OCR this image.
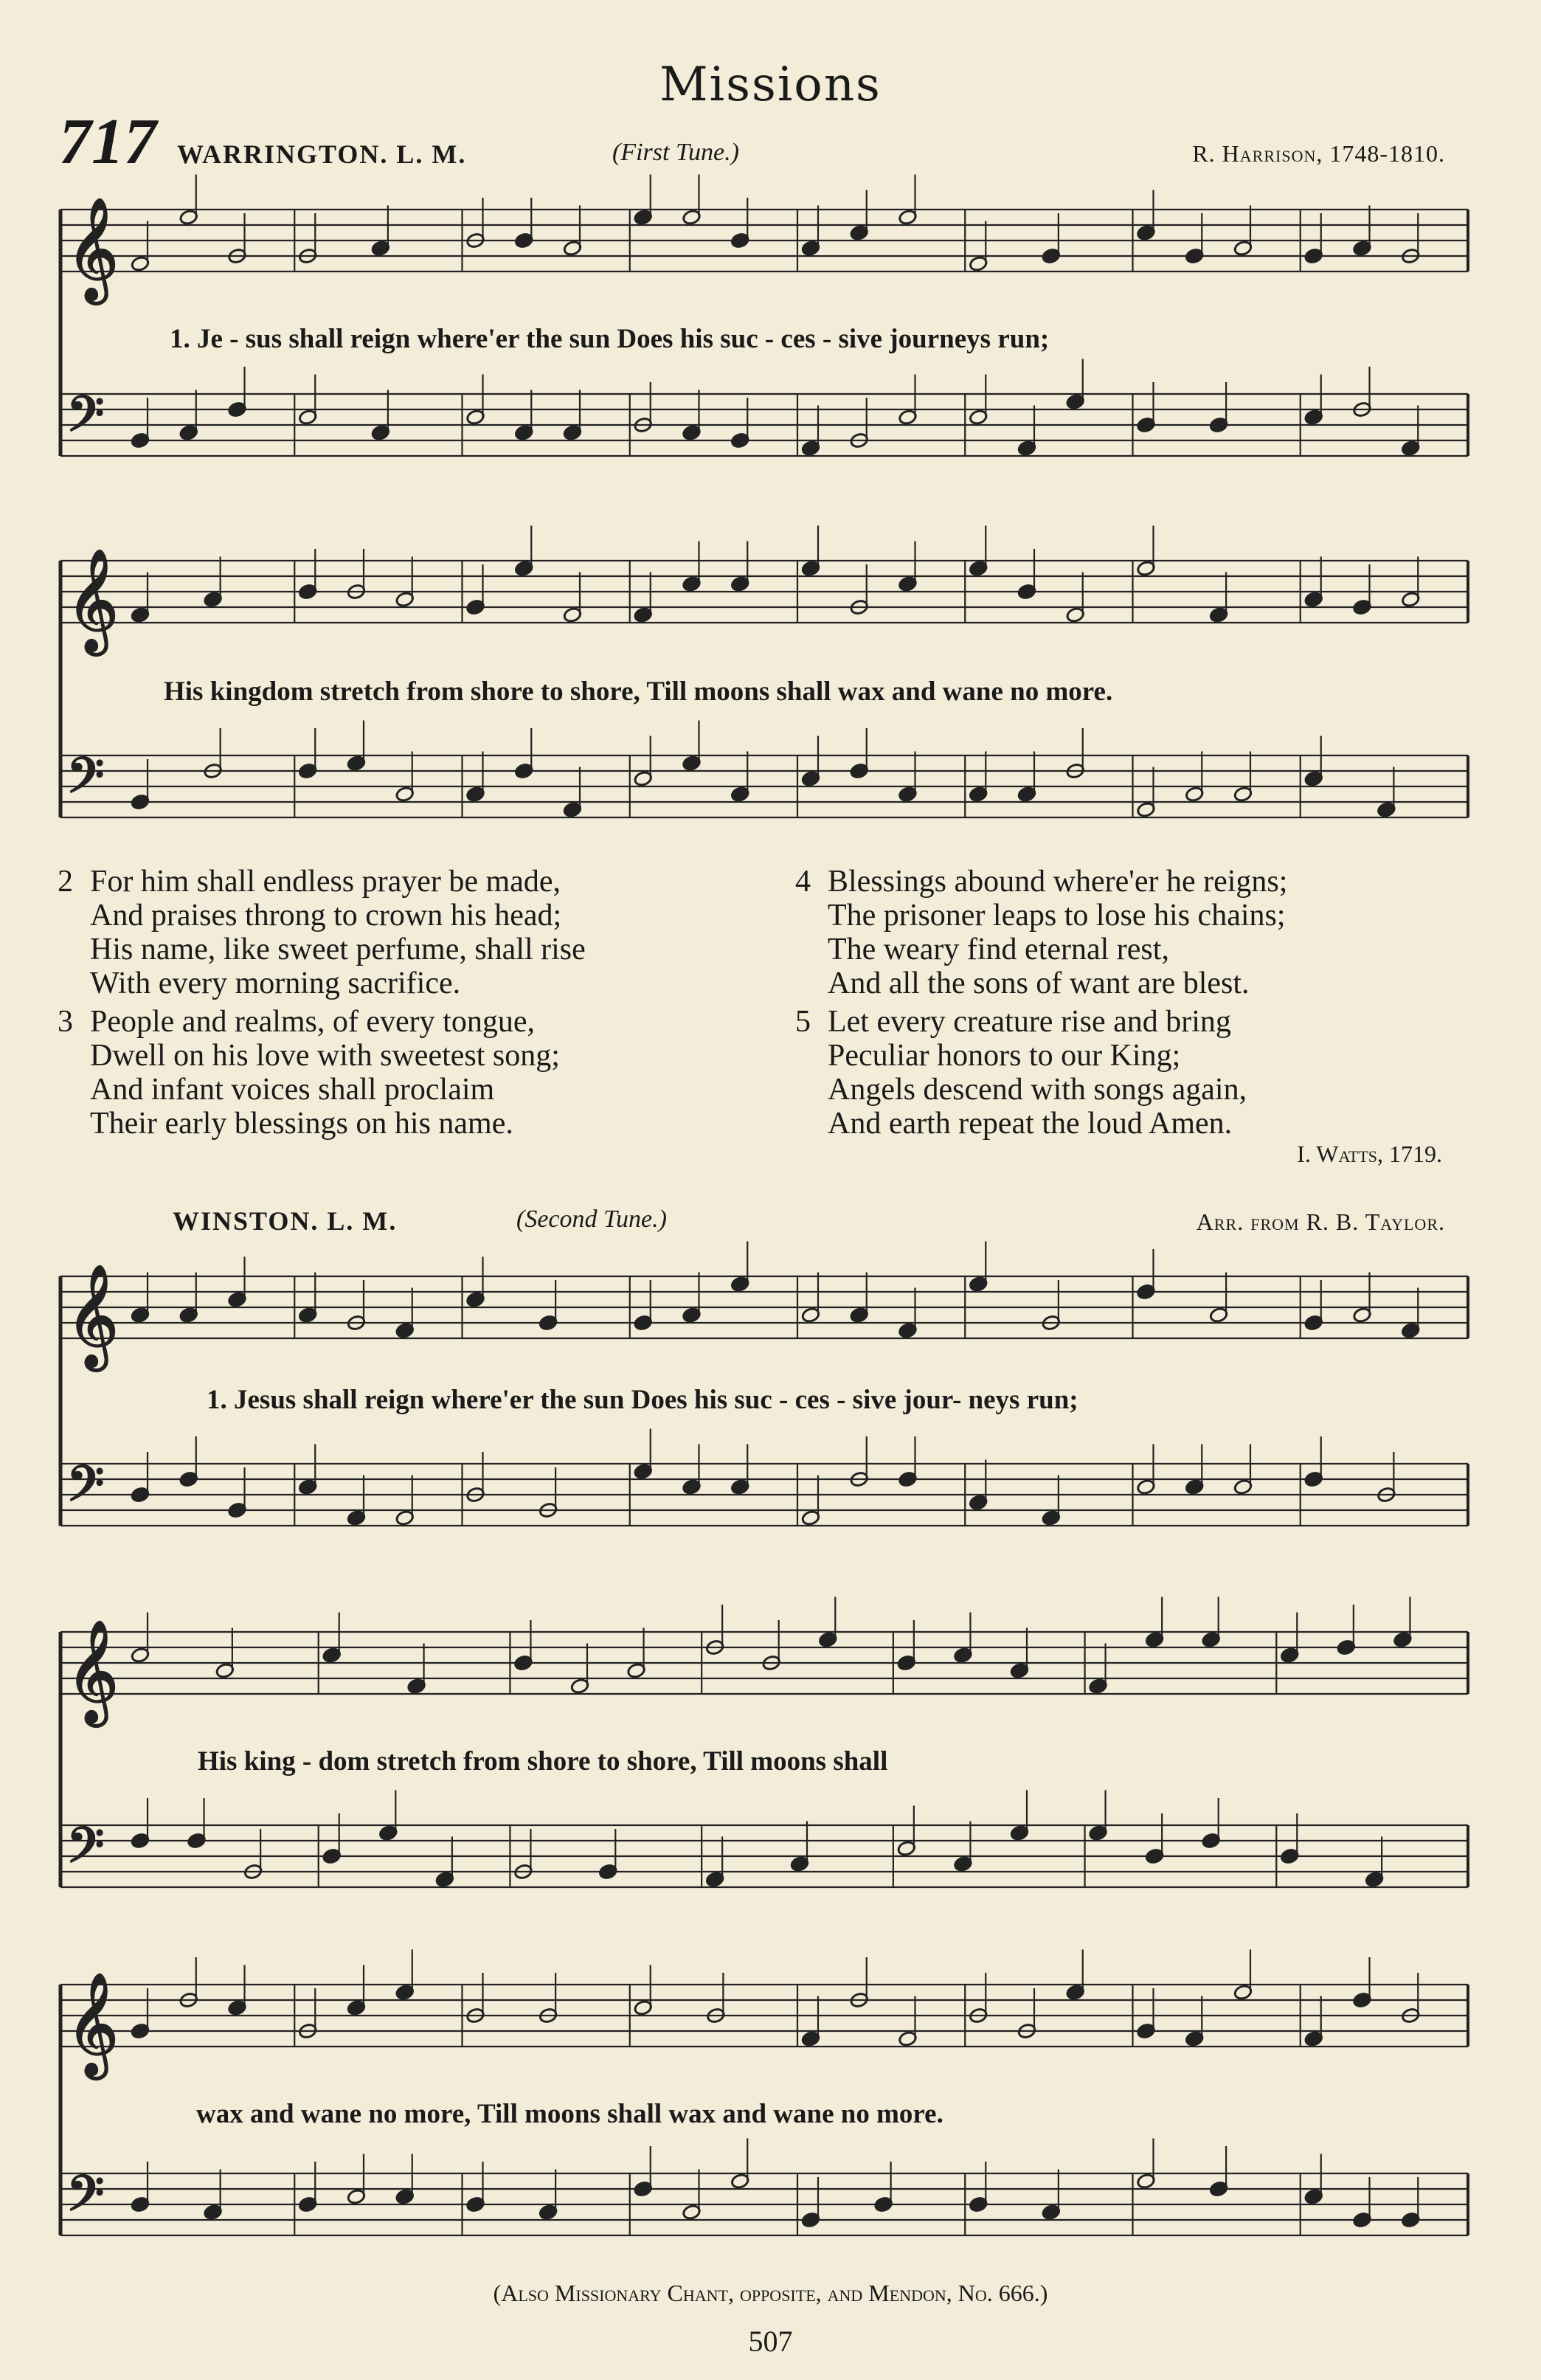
Missions
717 WARRINGTON. L. M.	(First Tune.)	R. Harrison, 1748-1810.
𝄞
𝄢
𝄞
𝄢
𝄞
𝄢
𝄞
𝄢
𝄞
𝄢
1. Je - sus shall reign where'er the sun Does his suc - ces - sive journeys run;
His kingdom stretch from shore to shore, Till moons shall wax and wane no more.
2 For him shall endless prayer be made,
And praises throng to crown his head;
His name, like sweet perfume, shall rise
With every morning sacrifice.
3 People and realms, of every tongue,
Dwell on his love with sweetest song;
And infant voices shall proclaim
Their early blessings on his name.
4 Blessings abound where'er he reigns;
The prisoner leaps to lose his chains;
The weary find eternal rest,
And all the sons of want are blest.
5 Let every creature rise and bring
Peculiar honors to our King;
Angels descend with songs again,
And earth repeat the loud Amen.
I. Watts, 1719.
WINSTON. L. M.	(Second Tune.)	Arr. from R. B. Taylor.
1. Jesus shall reign where'er the sun Does his suc - ces - sive jour- neys run;
His king - dom stretch from shore to shore, Till moons shall
wax and wane no more, Till moons shall wax and wane no more.
(Also Missionary Chant, opposite, and Mendon, No. 666.)
507
